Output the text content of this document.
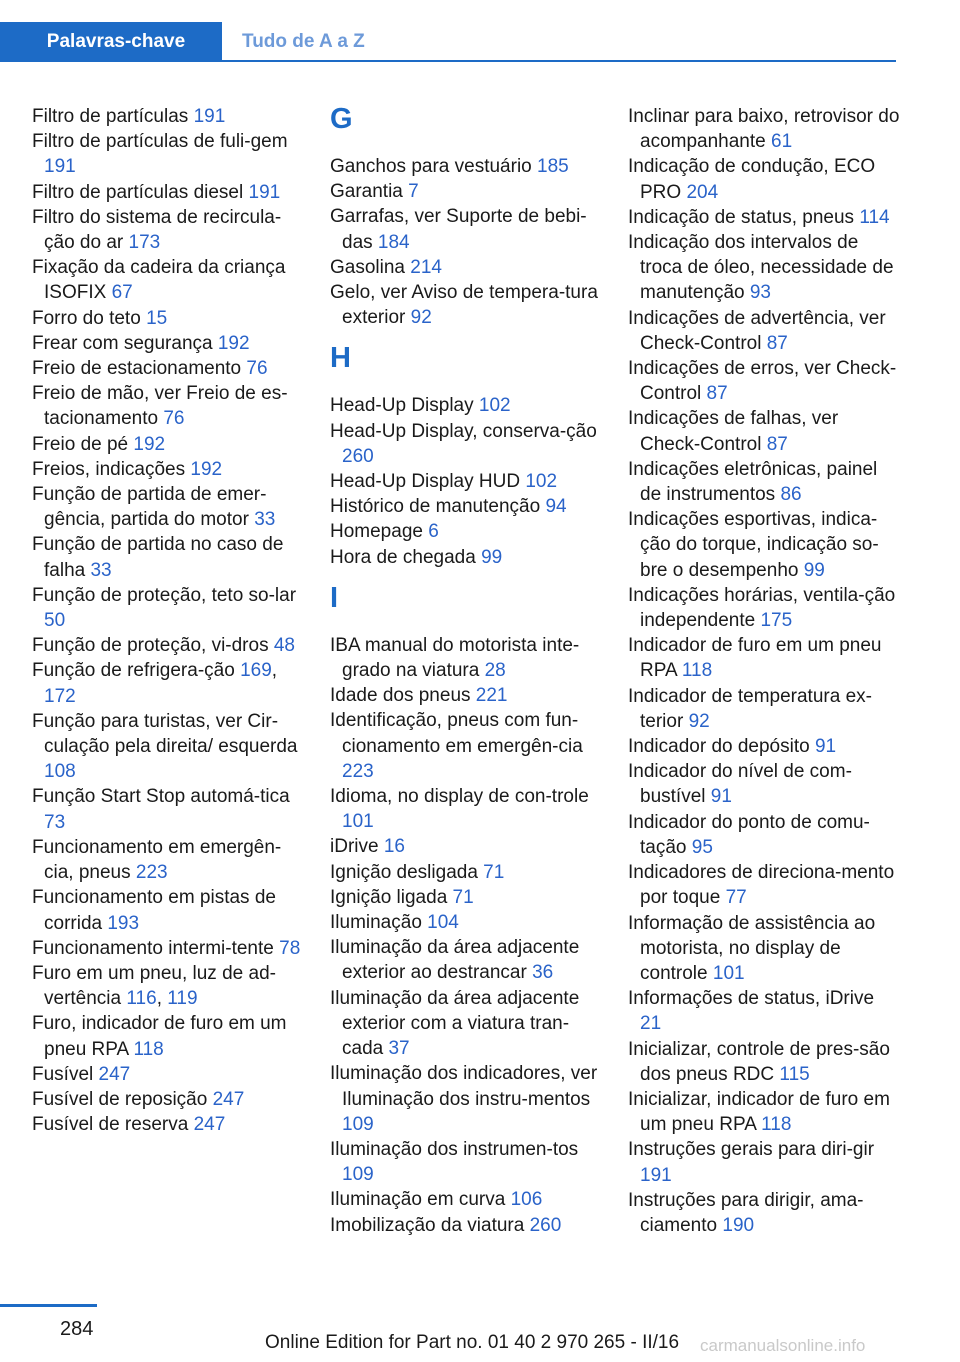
Palavras-chave	Tudo de A a Z

Filtro de partículas 191

Filtro de partículas de fuli‐gem 191

Filtro de partículas diesel 191

Filtro do sistema de recircula‐ção do ar 173

Fixação da cadeira da criança ISOFIX 67

Forro do teto 15

Frear com segurança 192

Freio de estacionamento 76

Freio de mão, ver Freio de es‐tacionamento 76

Freio de pé 192

Freios, indicações 192

Função de partida de emer‐gência, partida do motor 33

Função de partida no caso de falha 33

Função de proteção, teto so‐lar 50

Função de proteção, vi‐dros 48

Função de refrigera‐ção 169, 172

Função para turistas, ver Cir‐culação pela direita/ esquerda 108

Função Start Stop automá‐tica 73

Funcionamento em emergên‐cia, pneus 223

Funcionamento em pistas de corrida 193

Funcionamento intermi‐tente 78

Furo em um pneu, luz de ad‐vertência 116, 119

Furo, indicador de furo em um pneu RPA 118

Fusível 247

Fusível de reposição 247

Fusível de reserva 247

G

Ganchos para vestuário 185

Garantia 7

Garrafas, ver Suporte de bebi‐das 184

Gasolina 214

Gelo, ver Aviso de tempera‐tura exterior 92

H

Head-Up Display 102

Head-Up Display, conserva‐ção 260

Head-Up Display HUD 102

Histórico de manutenção 94

Homepage 6

Hora de chegada 99

I

IBA manual do motorista inte‐grado na viatura 28

Idade dos pneus 221

Identificação, pneus com fun‐cionamento em emergên‐cia 223

Idioma, no display de con‐trole 101

iDrive 16

Ignição desligada 71

Ignição ligada 71

Iluminação 104

Iluminação da área adjacente exterior ao destrancar 36

Iluminação da área adjacente exterior com a viatura tran‐cada 37

Iluminação dos indicadores, ver Iluminação dos instru‐mentos 109

Iluminação dos instrumen‐tos 109

Iluminação em curva 106

Imobilização da viatura 260

Inclinar para baixo, retrovisor do acompanhante 61

Indicação de condução, ECO PRO 204

Indicação de status, pneus 114

Indicação dos intervalos de troca de óleo, necessidade de manutenção 93

Indicações de advertência, ver Check-Control 87

Indicações de erros, ver Check-Control 87

Indicações de falhas, ver Check-Control 87

Indicações eletrônicas, painel de instrumentos 86

Indicações esportivas, indica‐ção do torque, indicação so‐bre o desempenho 99

Indicações horárias, ventila‐ção independente 175

Indicador de furo em um pneu RPA 118

Indicador de temperatura ex‐terior 92

Indicador do depósito 91

Indicador do nível de com‐bustível 91

Indicador do ponto de comu‐tação 95

Indicadores de direciona‐mento por toque 77

Informação de assistência ao motorista, no display de controle 101

Informações de status, iDrive 21

Inicializar, controle de pres‐são dos pneus RDC 115

Inicializar, indicador de furo em um pneu RPA 118

Instruções gerais para diri‐gir 191

Instruções para dirigir, ama‐ciamento 190

284
Online Edition for Part no. 01 40 2 970 265 - II/16 carmanualsonline.info
